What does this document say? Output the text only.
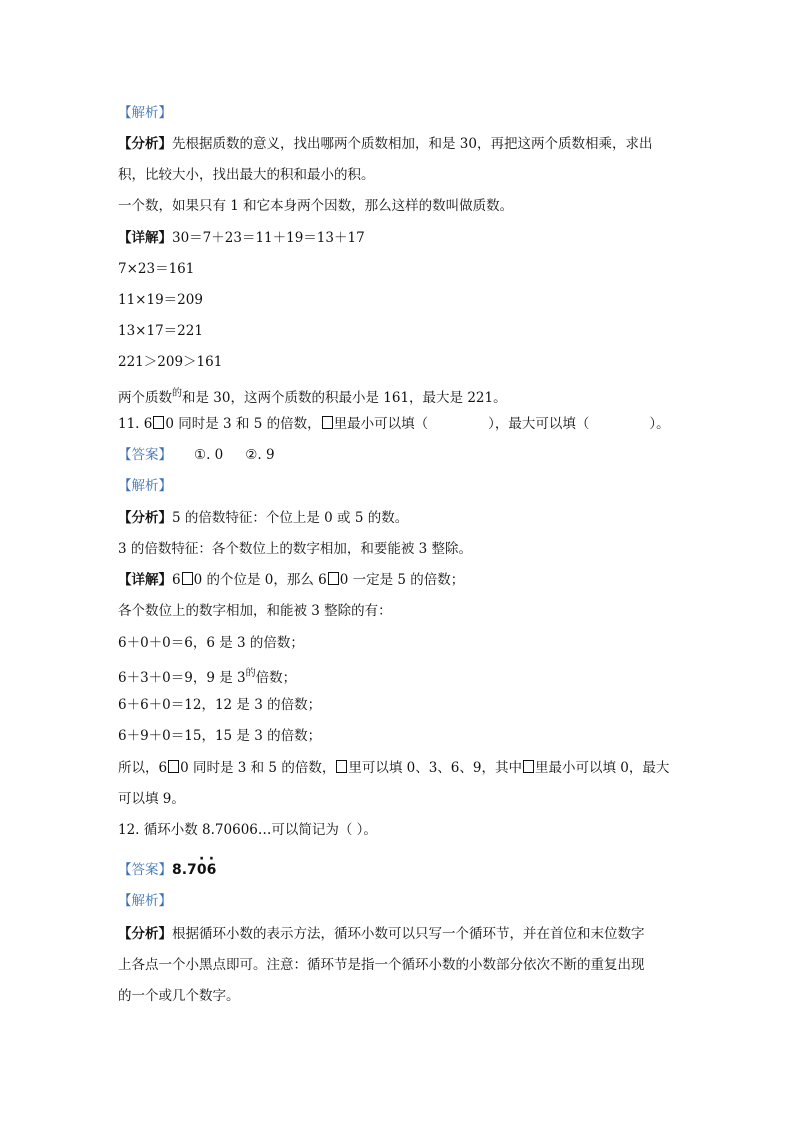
【解析】
【分析】先根据质数的意义，找出哪两个质数相加，和是 30，再把这两个质数相乘，求出
积，比较大小，找出最大的积和最小的积。
一个数，如果只有 1 和它本身两个因数，那么这样的数叫做质数。
【详解】30＝7＋23＝11＋19＝13＋17
7×23＝161
11×19＝209
13×17＝221
221＞209＞161
两个质数$^的$和是 30，这两个质数的积最小是 161，最大是 221。
11. 6 0 同时是 3 和 5 的倍数， 里最小可以填（	），最大可以填（	）。
【答案】 ①. 0 ②. 9
【解析】
【分析】5 的倍数特征：个位上是 0 或 5 的数。
3 的倍数特征：各个数位上的数字相加，和要能被 3 整除。
【详解】6 0 的个位是 0，那么 6 0 一定是 5 的倍数；
各个数位上的数字相加，和能被 3 整除的有：
6＋0＋0＝6，6 是 3 的倍数；
6＋3＋0＝9，9 是 $3^的$倍数；
6＋6＋0＝12，12 是 3 的倍数；
6＋9＋0＝15，15 是 3 的倍数；
所以，6 0 同时是 3 和 5 的倍数， 里可以填 0、3、6、9，其中 里最小可以填 0，最大
可以填 9。
12. 循环小数 8.70606…可以简记为（ ）。
【答案】8.7· 0· 6
【解析】
【分析】根据循环小数的表示方法，循环小数可以只写一个循环节，并在首位和末位数字
上各点一个小黑点即可。注意：循环节是指一个循环小数的小数部分依次不断的重复出现
的一个或几个数字。
